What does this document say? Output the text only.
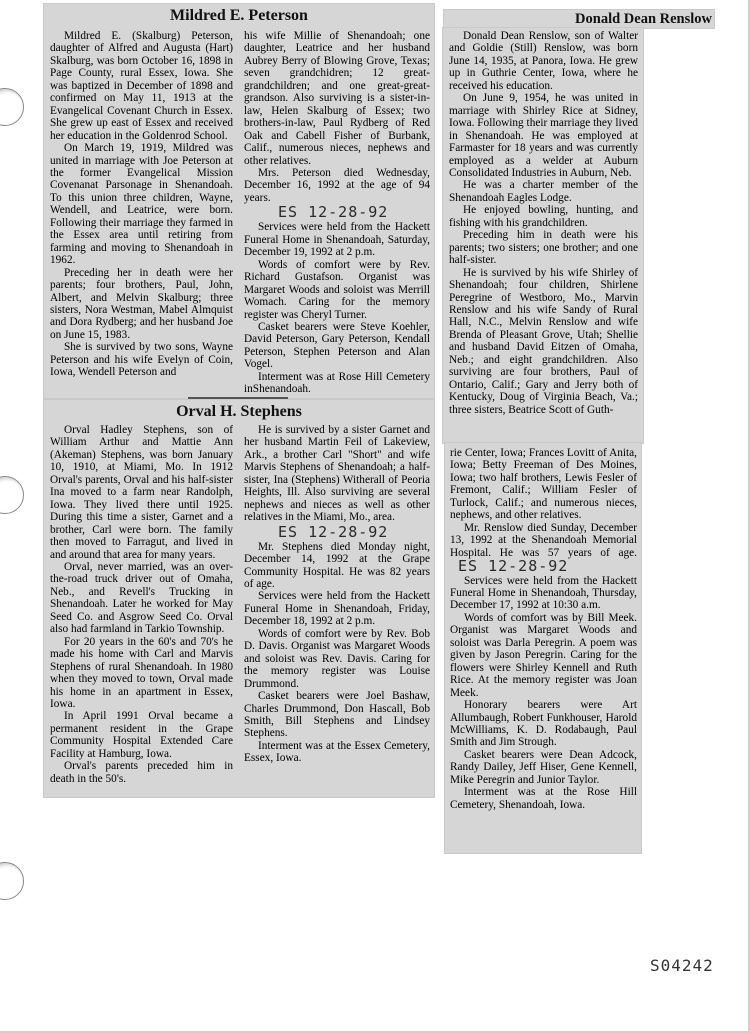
Mildred E. Peterson

Mildred E. (Skalburg) Peterson, daughter of Alfred and Augusta (Hart) Skalburg, was born October 16, 1898 in Page County, rural Essex, Iowa. She was baptized in December of 1898 and confirmed on May 11, 1913 at the Evangelical Covenant Church in Essex. She grew up east of Essex and received her education in the Goldenrod School.

On March 19, 1919, Mildred was united in marriage with Joe Peterson at the former Evangelical Mission Covenanat Parsonage in Shenandoah. To this union three children, Wayne, Wendell, and Leatrice, were born. Following their marriage they farmed in the Essex area until retiring from farming and moving to Shenandoah in 1962.

Preceding her in death were her parents; four brothers, Paul, John, Albert, and Melvin Skalburg; three sisters, Nora Westman, Mabel Almquist and Dora Rydberg; and her husband Joe on June 15, 1983.

She is survived by two sons, Wayne Peterson and his wife Evelyn of Coin, Iowa, Wendell Peterson and

his wife Millie of Shenandoah; one daughter, Leatrice and her husband Aubrey Berry of Blowing Grove, Texas; seven grandchidren; 12 great-grandchildren; and one great-great-grandson. Also surviving is a sister-in-law, Helen Skalburg of Essex; two brothers-in-law, Paul Rydberg of Red Oak and Cabell Fisher of Burbank, Calif., numerous nieces, nephews and other relatives.

Mrs. Peterson died Wednesday, December 16, 1992 at the age of 94 years.

ES 12-28-92

Services were held from the Hackett Funeral Home in Shenandoah, Saturday, December 19, 1992 at 2 p.m.

Words of comfort were by Rev. Richard Gustafson. Organist was Margaret Woods and soloist was Merrill Womach. Caring for the memory register was Cheryl Turner.

Casket bearers were Steve Koehler, David Peterson, Gary Peterson, Kendall Peterson, Stephen Peterson and Alan Vogel.

Interment was at Rose Hill Cemetery inShenandoah.

Orval H. Stephens

Orval Hadley Stephens, son of William Arthur and Mattie Ann (Akeman) Stephens, was born January 10, 1910, at Miami, Mo. In 1912 Orval's parents, Orval and his half-sister Ina moved to a farm near Randolph, Iowa. They lived there until 1925. During this time a sister, Garnet and a brother, Carl were born. The family then moved to Farragut, and lived in and around that area for many years.

Orval, never married, was an over-the-road truck driver out of Omaha, Neb., and Revell's Trucking in Shenandoah. Later he worked for May Seed Co. and Asgrow Seed Co. Orval also had farmland in Tarkio Township.

For 20 years in the 60's and 70's he made his home with Carl and Marvis Stephens of rural Shenandoah. In 1980 when they moved to town, Orval made his home in an apartment in Essex, Iowa.

In April 1991 Orval became a permanent resident in the Grape Community Hospital Extended Care Facility at Hamburg, Iowa.

Orval's parents preceded him in death in the 50's.

He is survived by a sister Garnet and her husband Martin Feil of Lakeview, Ark., a brother Carl "Short" and wife Marvis Stephens of Shenandoah; a half-sister, Ina (Stephens) Witherall of Peoria Heights, Ill. Also surviving are several nephews and nieces as well as other relatives in the Miami, Mo., area.

ES 12-28-92

Mr. Stephens died Monday night, December 14, 1992 at the Grape Community Hospital. He was 82 years of age.

Services were held from the Hackett Funeral Home in Shenandoah, Friday, December 18, 1992 at 2 p.m.

Words of comfort were by Rev. Bob D. Davis. Organist was Margaret Woods and soloist was Rev. Davis. Caring for the memory register was Louise Drummond.

Casket bearers were Joel Bashaw, Charles Drummond, Don Hascall, Bob Smith, Bill Stephens and Lindsey Stephens.

Interment was at the Essex Cemetery, Essex, Iowa.

Donald Dean Renslow

Donald Dean Renslow, son of Walter and Goldie (Still) Renslow, was born June 14, 1935, at Panora, Iowa. He grew up in Guthrie Center, Iowa, where he received his education.

On June 9, 1954, he was united in marriage with Shirley Rice at Sidney, Iowa. Following their marriage they lived in Shenandoah. He was employed at Farmaster for 18 years and was currently employed as a welder at Auburn Consolidated Industries in Auburn, Neb.

He was a charter member of the Shenandoah Eagles Lodge.

He enjoyed bowling, hunting, and fishing with his grandchildren.

Preceding him in death were his parents; two sisters; one brother; and one half-sister.

He is survived by his wife Shirley of Shenandoah; four children, Shirlene Peregrine of Westboro, Mo., Marvin Renslow and his wife Sandy of Rural Hall, N.C., Melvin Renslow and wife Brenda of Pleasant Grove, Utah; Shellie and husband David Eitzen of Omaha, Neb.; and eight grandchildren. Also surviving are four brothers, Paul of Ontario, Calif.; Gary and Jerry both of Kentucky, Doug of Virginia Beach, Va.; three sisters, Beatrice Scott of Guth-

rie Center, Iowa; Frances Lovitt of Anita, Iowa; Betty Freeman of Des Moines, Iowa; two half brothers, Lewis Fesler of Fremont, Calif.; William Fesler of Turlock, Calif.; and numerous nieces, nephews, and other relatives.

Mr. Renslow died Sunday, December 13, 1992 at the Shenandoah Memorial Hospital. He was 57 years of age.ES 12-28-92

Services were held from the Hackett Funeral Home in Shenandoah, Thursday, December 17, 1992 at 10:30 a.m.

Words of comfort was by Bill Meek. Organist was Margaret Woods and soloist was Darla Peregrin. A poem was given by Jason Peregrin. Caring for the flowers were Shirley Kennell and Ruth Rice. At the memory register was Joan Meek.

Honorary bearers were Art Allumbaugh, Robert Funkhouser, Harold McWilliams, K. D. Rodabaugh, Paul Smith and Jim Strough.

Casket bearers were Dean Adcock, Randy Dailey, Jeff Hiser, Gene Kennell, Mike Peregrin and Junior Taylor.

Interment was at the Rose Hill Cemetery, Shenandoah, Iowa.

S04242
